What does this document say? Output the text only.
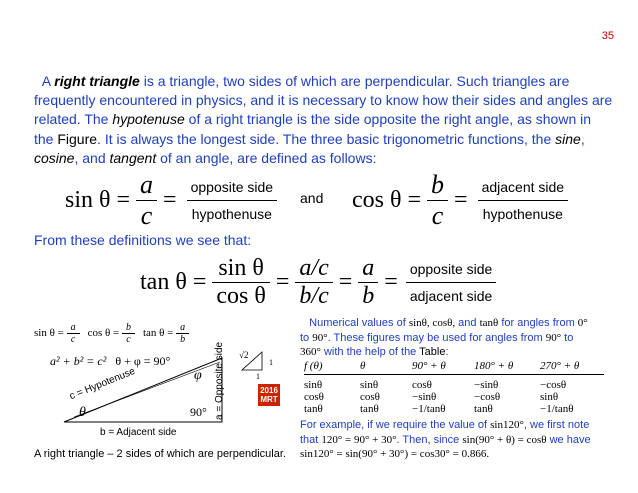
35
A right triangle is a triangle, two sides of which are perpendicular. Such triangles are frequently encountered in physics, and it is necessary to know how their sides and angles are related. The hypotenuse of a right triangle is the side opposite the right angle, as shown in the Figure. It is always the longest side. The three basic trigonometric functions, the sine, cosine, and tangent of an angle, are defined as follows:
$\sin \theta = \frac{a}{c} = \frac{\text{opposite side}}{\text{hypothenuse}}$ and $\cos \theta = \frac{b}{c} = \frac{\text{adjacent side}}{\text{hypothenuse}}$
From these definitions we see that:
$\tan \theta = \frac{\text{sin θ}}{\text{cos θ}} = \frac{a/c}{b/c} = \frac{a}{b} = \frac{\text{opposite side}}{\text{adjacent side}}$
$\sin \theta = \frac{a}{c}$ $\cos \theta = \frac{b}{c}$ $\tan \theta = \frac{a}{b}$
a² + b² = c² θ + φ = 90°
c = Hypotenuse
b = Adjacent side
a = Opposite side
θ
φ
90°
√2
1
1
2016
MRT
A right triangle – 2 sides of which are perpendicular.
Numerical values of sinθ, cosθ, and tanθ for angles from 0°
to 90°. These figures may be used for angles from 90° to
360° with the help of the Table:
f (θ)	θ	90° + θ	180° + θ	270° + θ
sinθ	sinθ	cosθ	−sinθ	−cosθ
cosθ	cosθ	−sinθ	−cosθ	sinθ
tanθ	tanθ	−1/tanθ	tanθ	−1/tanθ
For example, if we require the value of sin120°, we first note
that 120° = 90° + 30°. Then, since sin(90° + θ) = cosθ we have
sin120° = sin(90° + 30°) = cos30° = 0.866.
